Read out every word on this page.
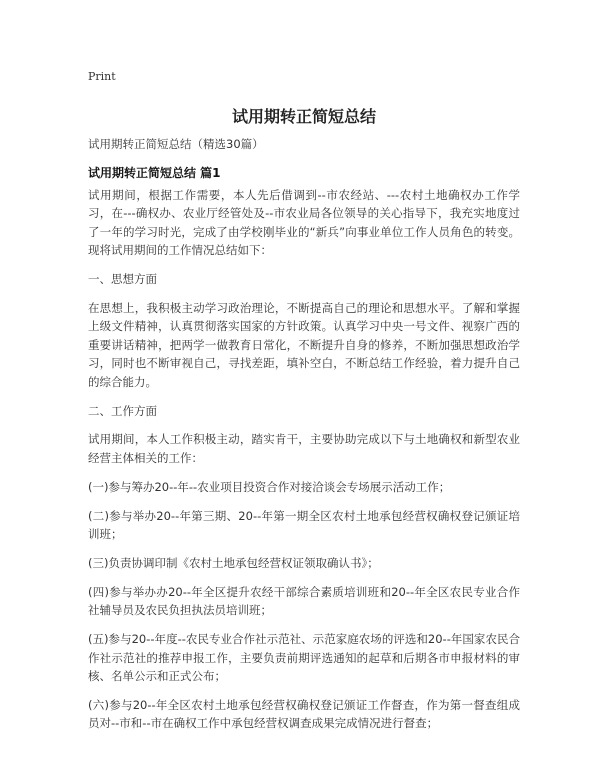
Print
试用期转正简短总结
试用期转正简短总结（精选30篇）
试用期转正简短总结 篇1

试用期间，根据工作需要，本人先后借调到--市农经站、---农村土地确权办工作学习，在---确权办、农业厅经管处及--市农业局各位领导的关心指导下，我充实地度过了一年的学习时光，完成了由学校刚毕业的“新兵”向事业单位工作人员角色的转变。现将试用期间的工作情况总结如下：

一、思想方面

在思想上，我积极主动学习政治理论，不断提高自己的理论和思想水平。了解和掌握上级文件精神，认真贯彻落实国家的方针政策。认真学习中央一号文件、视察广西的重要讲话精神，把两学一做教育日常化，不断提升自身的修养，不断加强思想政治学习，同时也不断审视自己，寻找差距，填补空白，不断总结工作经验，着力提升自己的综合能力。

二、工作方面

试用期间，本人工作积极主动，踏实肯干，主要协助完成以下与土地确权和新型农业经营主体相关的工作：

(一)参与筹办20--年--农业项目投资合作对接洽谈会专场展示活动工作；

(二)参与举办20--年第三期、20--年第一期全区农村土地承包经营权确权登记颁证培训班；

(三)负责协调印制《农村土地承包经营权证领取确认书》；

(四)参与举办办20--年全区提升农经干部综合素质培训班和20--年全区农民专业合作社辅导员及农民负担执法员培训班；

(五)参与20--年度--农民专业合作社示范社、示范家庭农场的评选和20--年国家农民合作社示范社的推荐申报工作，主要负责前期评选通知的起草和后期各市申报材料的审核、名单公示和正式公布；

(六)参与20--年全区农村土地承包经营权确权登记颁证工作督查，作为第一督查组成员对--市和--市在确权工作中承包经营权调查成果完成情况进行督查；
